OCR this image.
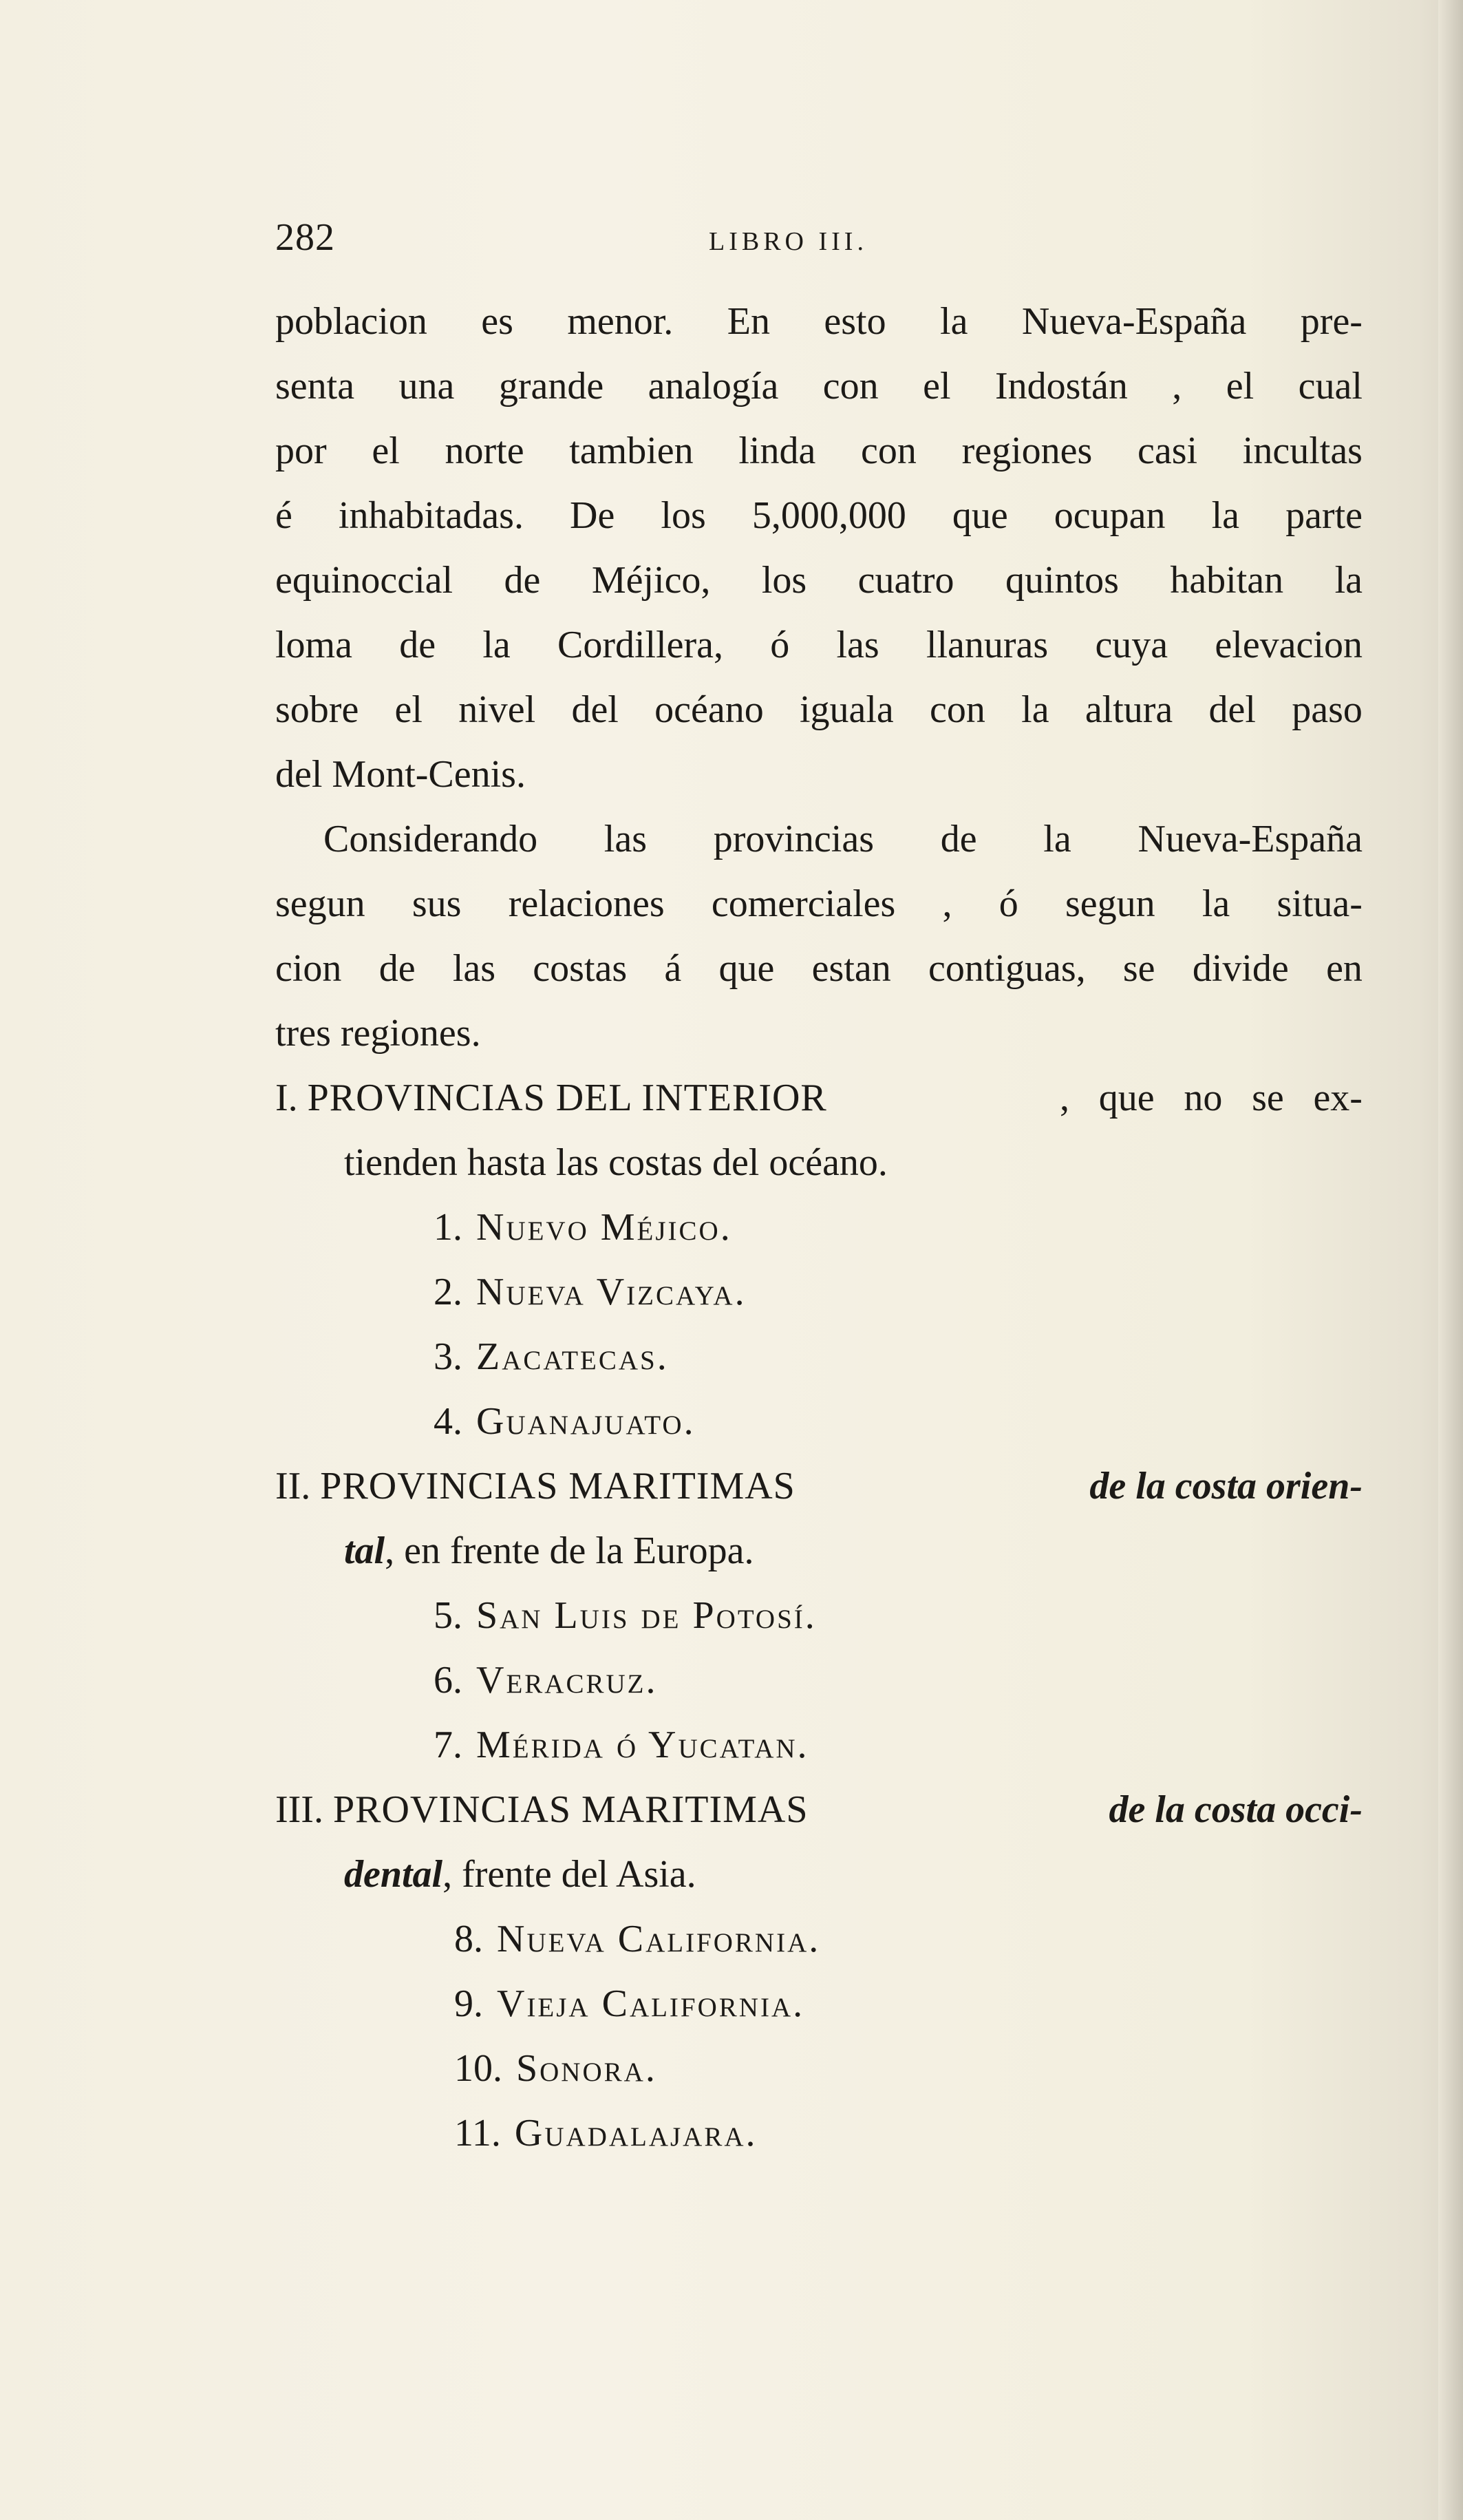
282	LIBRO III.
poblacion es menor. En esto la Nueva-España pre-
senta una grande analogía con el Indostán , el cual
por el norte tambien linda con regiones casi incultas
é inhabitadas. De los 5,000,000 que ocupan la parte
equinoccial de Méjico, los cuatro quintos habitan la
loma de la Cordillera, ó las llanuras cuya elevacion
sobre el nivel del océano iguala con la altura del paso
del Mont-Cenis.
Considerando las provincias de la Nueva-España
segun sus relaciones comerciales , ó segun la situa-
cion de las costas á que estan contiguas, se divide en
tres regiones.
I. PROVINCIAS DEL INTERIOR	, que no se ex-
tienden hasta las costas del océano.
1. Nuevo Méjico.
2. Nueva Vizcaya.
3. Zacatecas.
4. Guanajuato.
II. PROVINCIAS MARITIMAS	de la costa orien-
tal, en frente de la Europa.
5. San Luis de Potosí.
6. Veracruz.
7. Mérida ó Yucatan.
III. PROVINCIAS MARITIMAS	de la costa occi-
dental, frente del Asia.
8. Nueva California.
9. Vieja California.
10. Sonora.
11. Guadalajara.
